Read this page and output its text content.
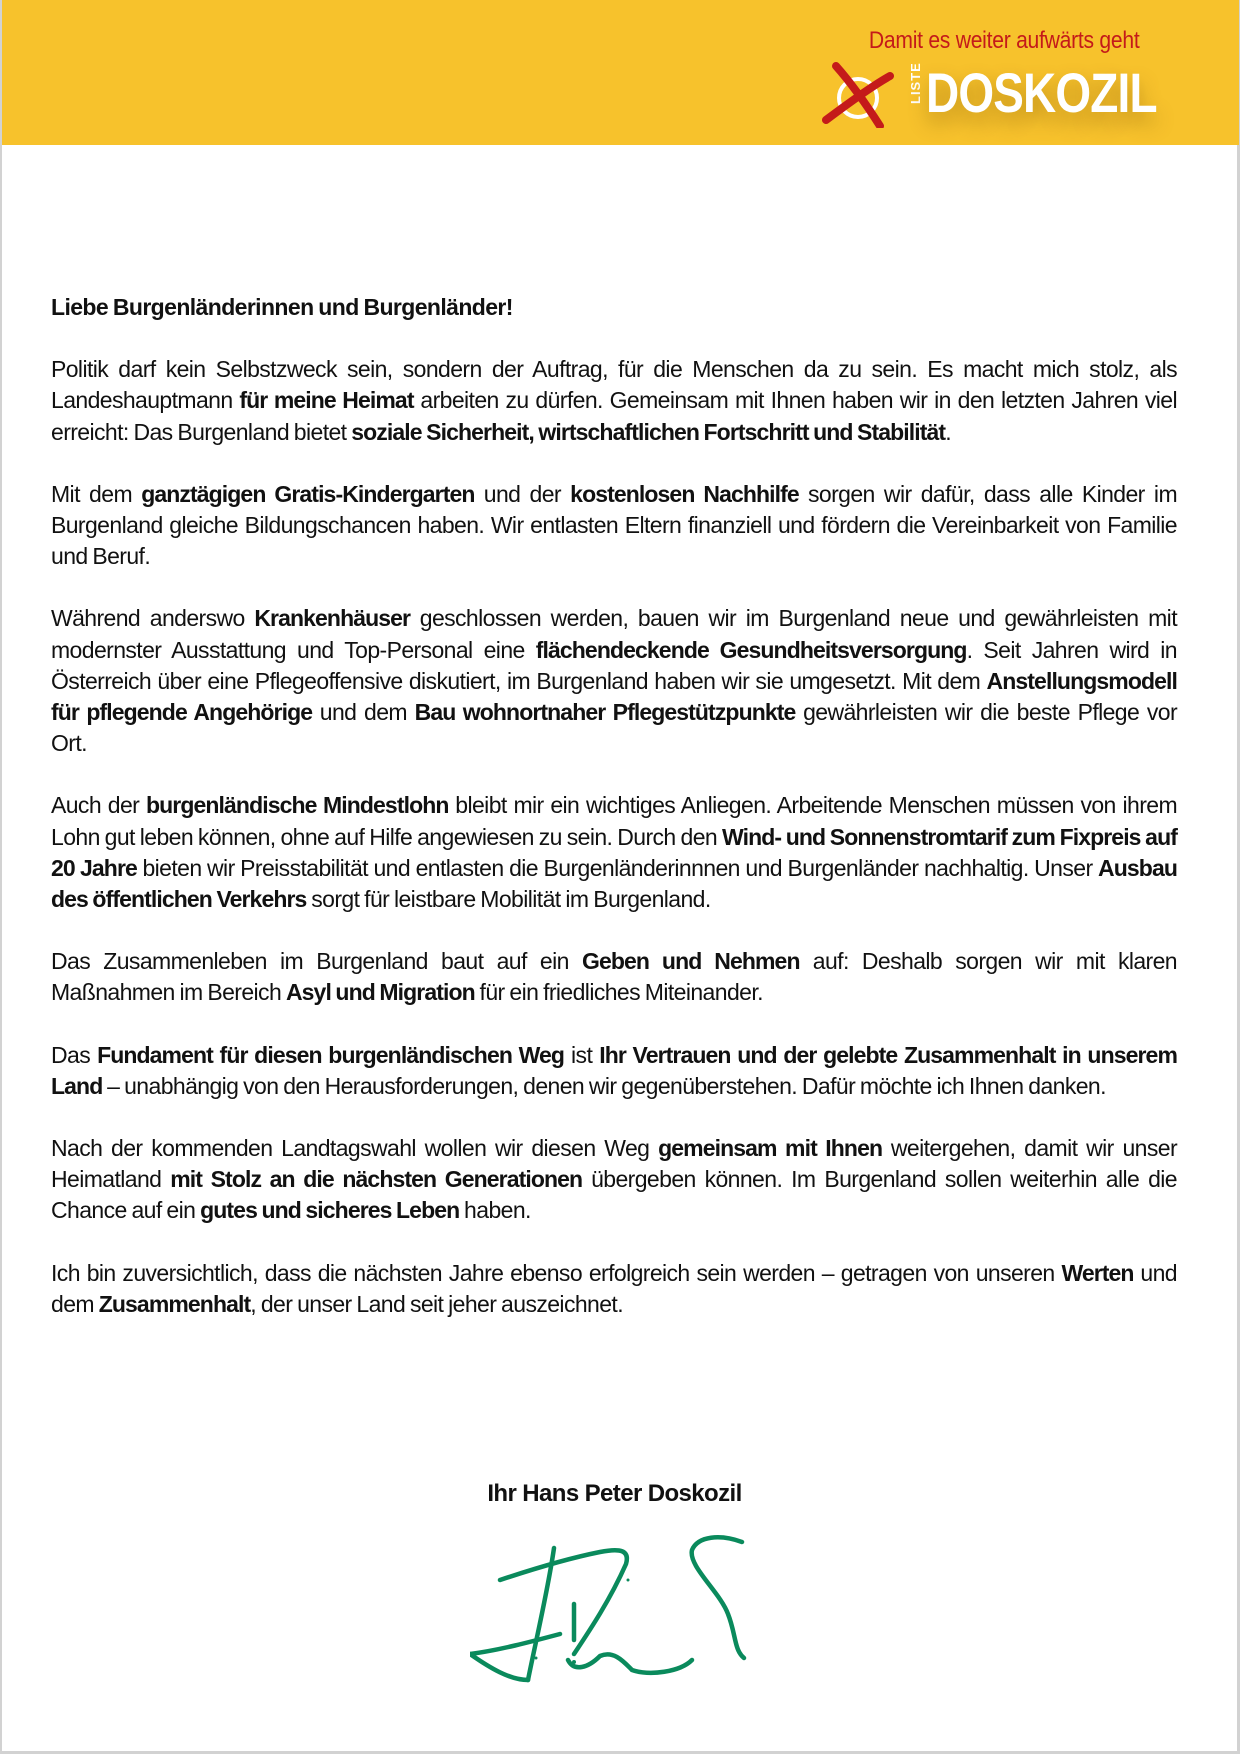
Damit es weiter aufwärts geht
LISTE DOSKOZIL

Liebe Burgenländerinnen und Burgenländer!

Politik darf kein Selbstzweck sein, sondern der Auftrag, für die Menschen da zu sein. Es macht mich stolz, als Landeshauptmann für meine Heimat arbeiten zu dürfen. Gemeinsam mit Ihnen haben wir in den letzten Jahren viel erreicht: Das Burgenland bietet soziale Sicherheit, wirtschaftlichen Fortschritt und Stabilität.

Mit dem ganztägigen Gratis-Kindergarten und der kostenlosen Nachhilfe sorgen wir dafür, dass alle Kinder im Burgenland gleiche Bildungschancen haben. Wir entlasten Eltern finanziell und fördern die Vereinbarkeit von Familie und Beruf.

Während anderswo Krankenhäuser geschlossen werden, bauen wir im Burgenland neue und gewährleisten mit modernster Ausstattung und Top-Personal eine flächendeckende Gesundheitsversorgung. Seit Jahren wird in Österreich über eine Pflegeoffensive diskutiert, im Burgenland haben wir sie umgesetzt. Mit dem Anstellungsmodell für pflegende Angehörige und dem Bau wohnortnaher Pflegestützpunkte gewährleisten wir die beste Pflege vor Ort.

Auch der burgenländische Mindestlohn bleibt mir ein wichtiges Anliegen. Arbeitende Menschen müssen von ihrem Lohn gut leben können, ohne auf Hilfe angewiesen zu sein. Durch den Wind- und Sonnenstromtarif zum Fixpreis auf 20 Jahre bieten wir Preisstabilität und entlasten die Burgenländerinnnen und Burgenländer nachhaltig. Unser Ausbau des öffentlichen Verkehrs sorgt für leistbare Mobilität im Burgenland.

Das Zusammenleben im Burgenland baut auf ein Geben und Nehmen auf: Deshalb sorgen wir mit klaren Maßnahmen im Bereich Asyl und Migration für ein friedliches Miteinander.

Das Fundament für diesen burgenländischen Weg ist Ihr Vertrauen und der gelebte Zusammenhalt in unserem Land – unabhängig von den Herausforderungen, denen wir gegenüberstehen. Dafür möchte ich Ihnen danken.

Nach der kommenden Landtagswahl wollen wir diesen Weg gemeinsam mit Ihnen weitergehen, damit wir unser Heimatland mit Stolz an die nächsten Generationen übergeben können. Im Burgenland sollen weiterhin alle die Chance auf ein gutes und sicheres Leben haben.

Ich bin zuversichtlich, dass die nächsten Jahre ebenso erfolgreich sein werden – getragen von unseren Werten und dem Zusammenhalt, der unser Land seit jeher auszeichnet.

Ihr Hans Peter Doskozil
